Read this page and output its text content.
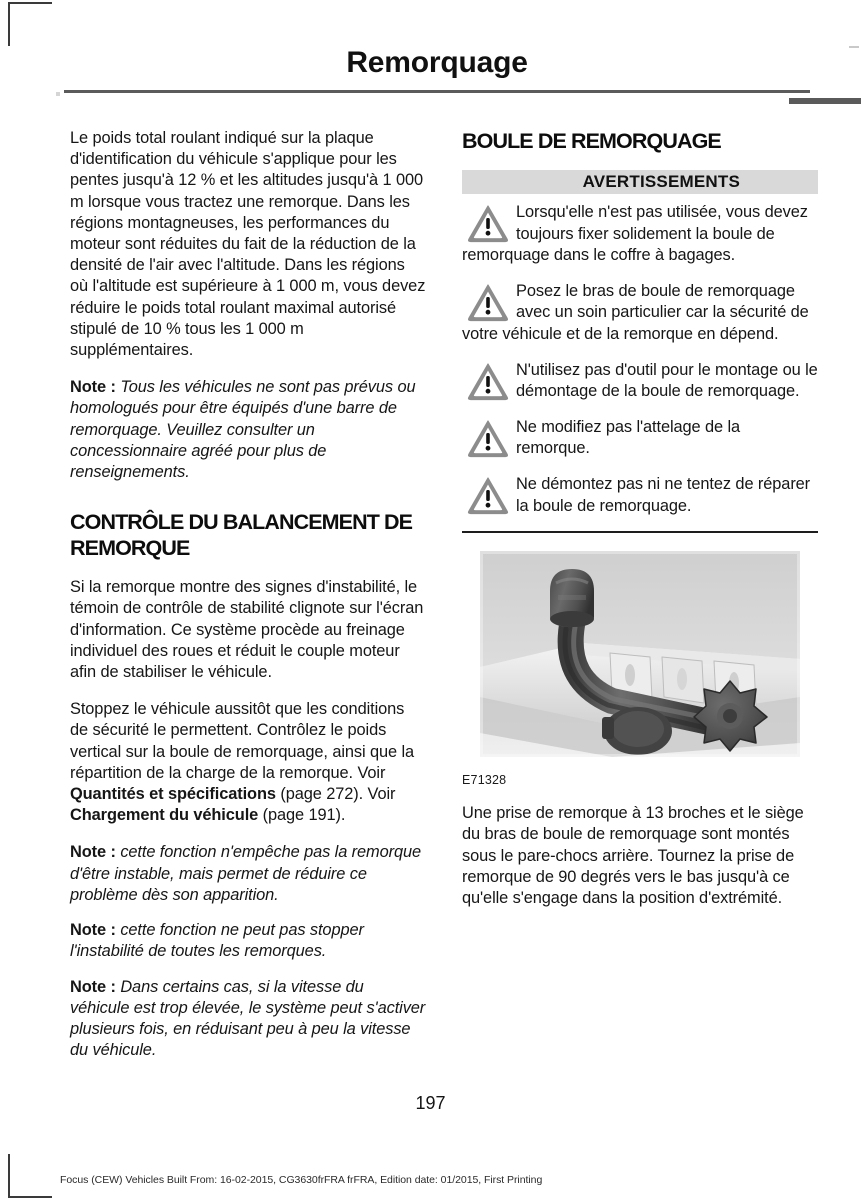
Remorquage

Le poids total roulant indiqué sur la plaque d'identification du véhicule s'applique pour les pentes jusqu'à 12 % et les altitudes jusqu'à 1 000 m lorsque vous tractez une remorque. Dans les régions montagneuses, les performances du moteur sont réduites du fait de la réduction de la densité de l'air avec l'altitude. Dans les régions où l'altitude est supérieure à 1 000 m, vous devez réduire le poids total roulant maximal autorisé stipulé de 10 % tous les 1 000 m supplémentaires.

Note : Tous les véhicules ne sont pas prévus ou homologués pour être équipés d'une barre de remorquage. Veuillez consulter un concessionnaire agréé pour plus de renseignements.

CONTRÔLE DU BALANCEMENT DE REMORQUE

Si la remorque montre des signes d'instabilité, le témoin de contrôle de stabilité clignote sur l'écran d'information. Ce système procède au freinage individuel des roues et réduit le couple moteur afin de stabiliser le véhicule.

Stoppez le véhicule aussitôt que les conditions de sécurité le permettent. Contrôlez le poids vertical sur la boule de remorquage, ainsi que la répartition de la charge de la remorque. Voir Quantités et spécifications (page 272). Voir Chargement du véhicule (page 191).

Note : cette fonction n'empêche pas la remorque d'être instable, mais permet de réduire ce problème dès son apparition.

Note : cette fonction ne peut pas stopper l'instabilité de toutes les remorques.

Note : Dans certains cas, si la vitesse du véhicule est trop élevée, le système peut s'activer plusieurs fois, en réduisant peu à peu la vitesse du véhicule.

BOULE DE REMORQUAGE
AVERTISSEMENTS

Lorsqu'elle n'est pas utilisée, vous devez toujours fixer solidement la boule de remorquage dans le coffre à bagages.

Posez le bras de boule de remorquage avec un soin particulier car la sécurité de votre véhicule et de la remorque en dépend.

N'utilisez pas d'outil pour le montage ou le démontage de la boule de remorquage.

Ne modifiez pas l'attelage de la remorque.

Ne démontez pas ni ne tentez de réparer la boule de remorquage.

E71328

Une prise de remorque à 13 broches et le siège du bras de boule de remorquage sont montés sous le pare-chocs arrière. Tournez la prise de remorque de 90 degrés vers le bas jusqu'à ce qu'elle s'engage dans la position d'extrémité.

197
Focus (CEW) Vehicles Built From: 16-02-2015, CG3630frFRA frFRA, Edition date: 01/2015, First Printing
